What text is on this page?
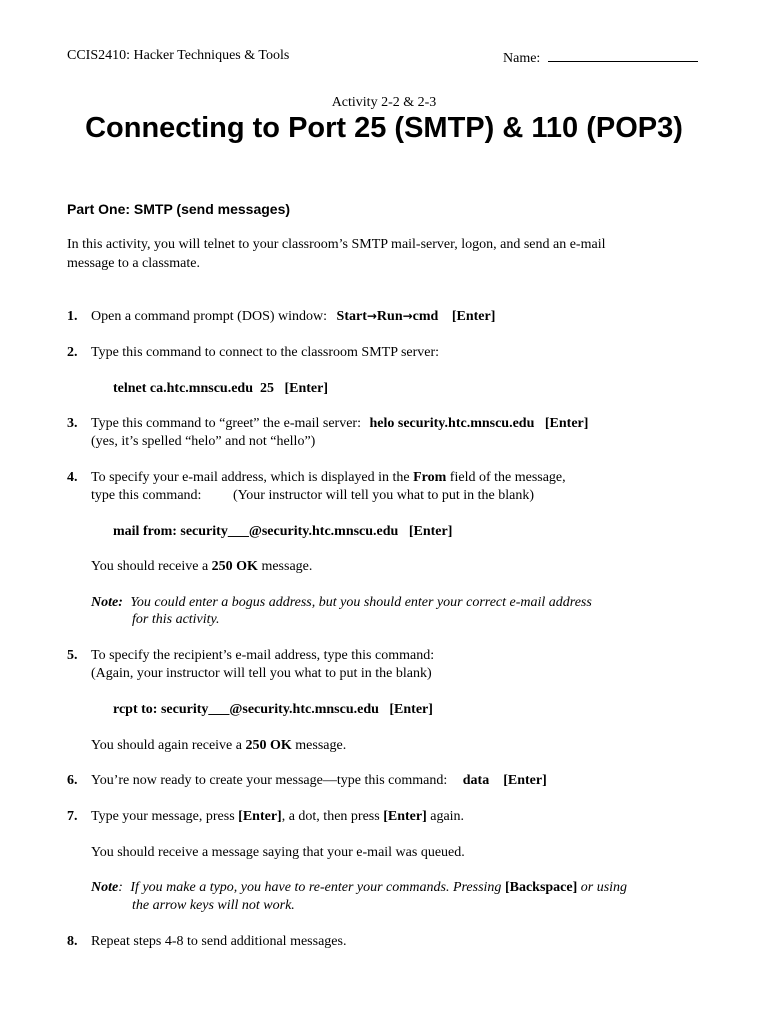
CCIS2410: Hacker Techniques & Tools	Name:
Activity 2-2 & 2-3
Connecting to Port 25 (SMTP) & 110 (POP3)
Part One: SMTP (send messages)
In this activity, you will telnet to your classroom’s SMTP mail-server, logon, and send an e-mail
message to a classmate.
1. Open a command prompt (DOS) window: Start→Run→cmd [Enter]
2. Type this command to connect to the classroom SMTP server:
telnet ca.htc.mnscu.edu  25   [Enter]
3. Type this command to “greet” the e-mail server: helo security.htc.mnscu.edu   [Enter]
(yes, it’s spelled “helo” and not “hello”)
4. To specify your e-mail address, which is displayed in the From field of the message,
type this command: (Your instructor will tell you what to put in the blank)
mail from: security___@security.htc.mnscu.edu   [Enter]
You should receive a 250 OK message.
Note: You could enter a bogus address, but you should enter your correct e-mail address
for this activity.
5. To specify the recipient’s e-mail address, type this command:
(Again, your instructor will tell you what to put in the blank)
rcpt to: security___@security.htc.mnscu.edu   [Enter]
You should again receive a 250 OK message.
6. You’re now ready to create your message—type this command: data    [Enter]
7. Type your message, press [Enter], a dot, then press [Enter] again.
You should receive a message saying that your e-mail was queued.
Note: If you make a typo, you have to re-enter your commands. Pressing [Backspace] or using
the arrow keys will not work.
8. Repeat steps 4-8 to send additional messages.
